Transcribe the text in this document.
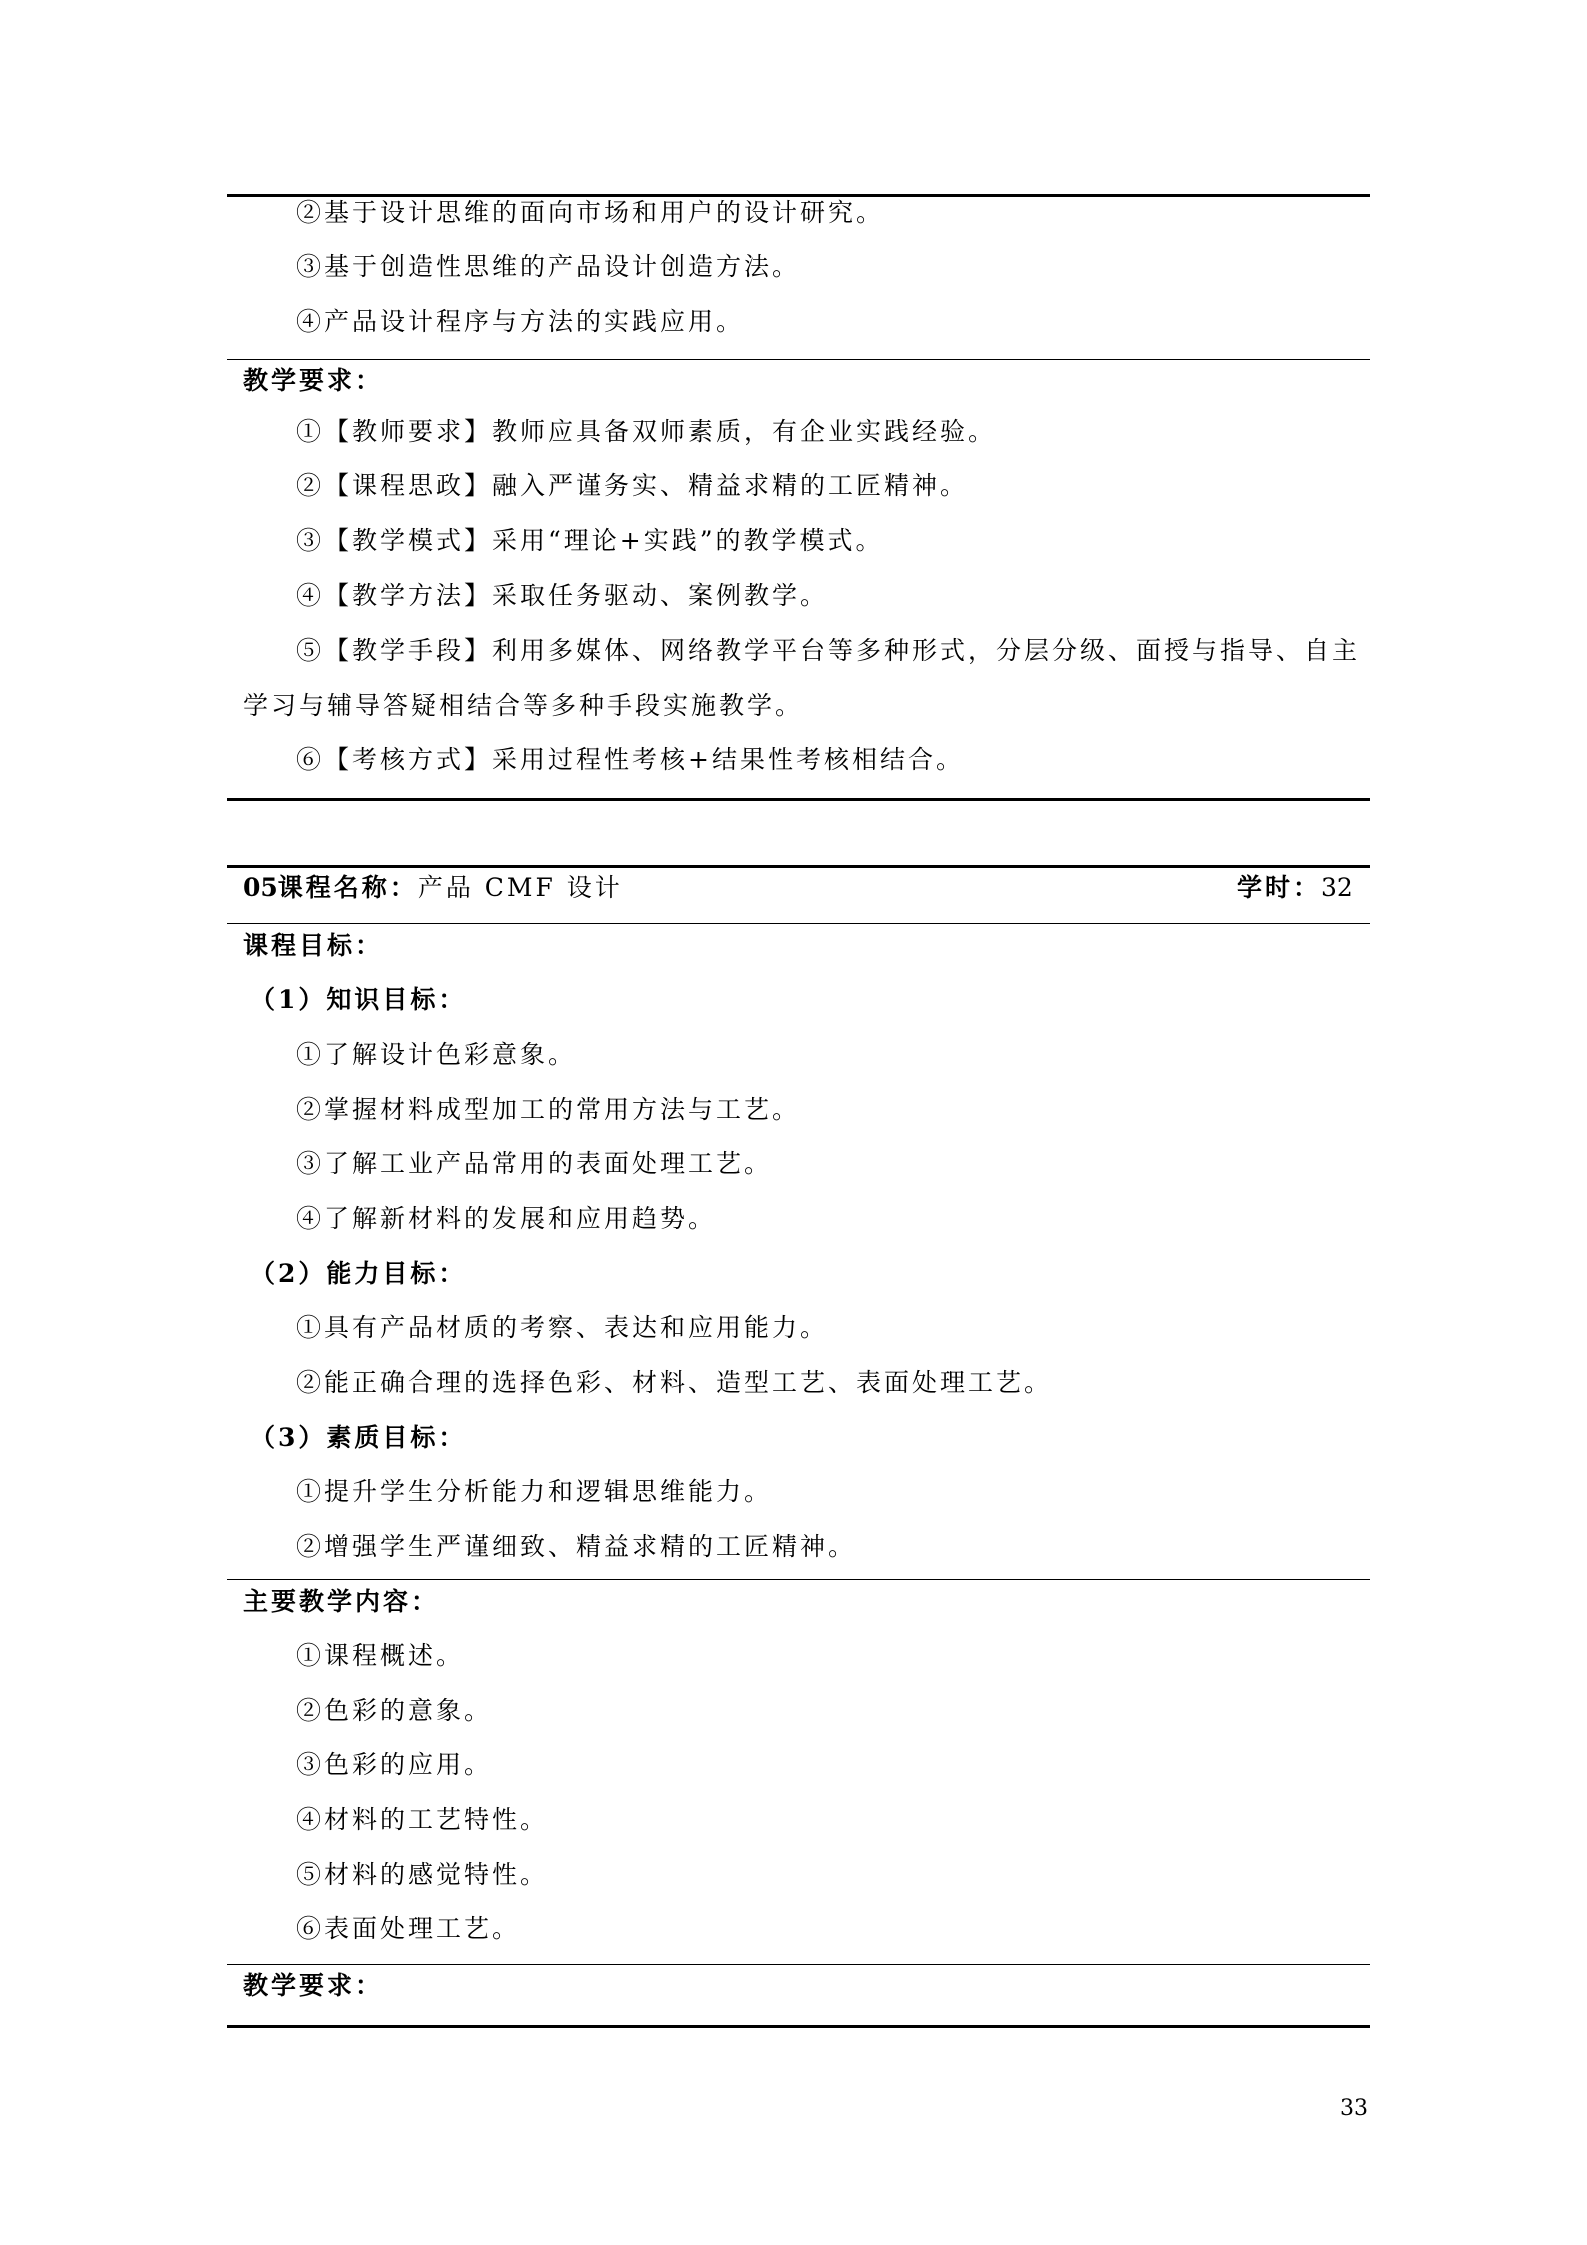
②基于设计思维的面向市场和用户的设计研究。
③基于创造性思维的产品设计创造方法。
④产品设计程序与方法的实践应用。
教学要求：
①【教师要求】教师应具备双师素质，有企业实践经验。
②【课程思政】融入严谨务实、精益求精的工匠精神。
③【教学模式】采用“理论+实践”的教学模式。
④【教学方法】采取任务驱动、案例教学。
⑤【教学手段】利用多媒体、网络教学平台等多种形式，分层分级、面授与指导、自主
学习与辅导答疑相结合等多种手段实施教学。
⑥【考核方式】采用过程性考核+结果性考核相结合。
05课程名称：产品 CMF 设计	学时：32
课程目标：
（1）知识目标：
①了解设计色彩意象。
②掌握材料成型加工的常用方法与工艺。
③了解工业产品常用的表面处理工艺。
④了解新材料的发展和应用趋势。
（2）能力目标：
①具有产品材质的考察、表达和应用能力。
②能正确合理的选择色彩、材料、造型工艺、表面处理工艺。
（3）素质目标：
①提升学生分析能力和逻辑思维能力。
②增强学生严谨细致、精益求精的工匠精神。
主要教学内容：
①课程概述。
②色彩的意象。
③色彩的应用。
④材料的工艺特性。
⑤材料的感觉特性。
⑥表面处理工艺。
教学要求：
33
